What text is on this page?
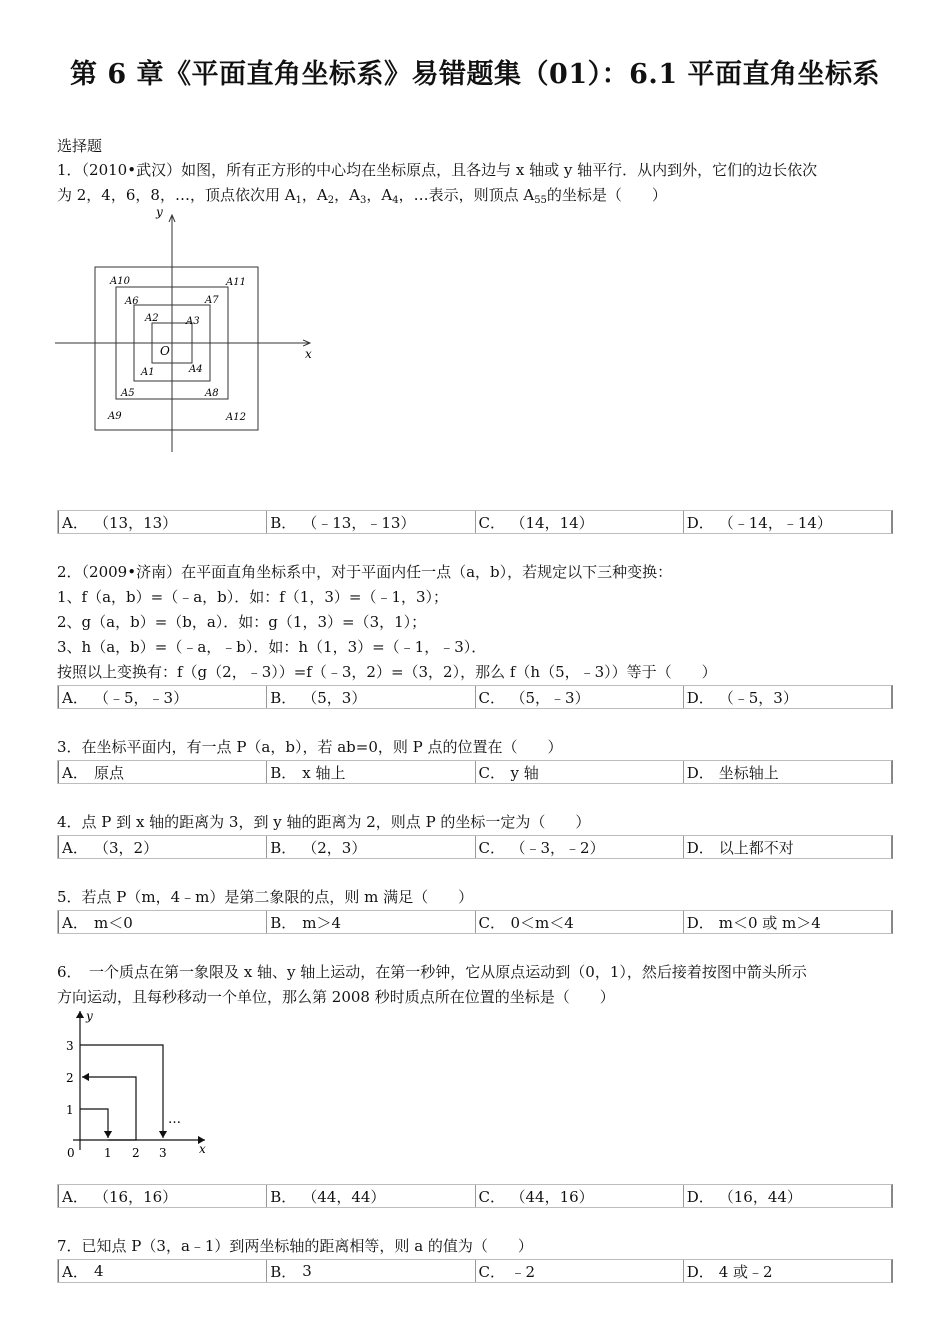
第 6 章《平面直角坐标系》易错题集（01）：6.1 平面直角坐标系
选择题

1．（2010•武汉）如图，所有正方形的中心均在坐标原点，且各边与 x 轴或 y 轴平行．从内到外，它们的边长依次

为 2，4，6，8，…，顶点依次用 $A_1$，$A_2$，$A_3$，$A_4$，…表示，则顶点 $A_{55}$的坐标是（　　）

O	x
y
A1
A2	A3
A4
A5
A6	A7
A8
A9
A10	A11
A12
A． （13，13）	B． （﹣13，﹣13）	C． （14，14）	D． （﹣14，﹣14）

2．（2009•济南）在平面直角坐标系中，对于平面内任一点（a，b），若规定以下三种变换：

1、f（a，b）=（﹣a，b）．如：f（1，3）=（﹣1，3）；

2、g（a，b）=（b，a）．如：g（1，3）=（3，1）；

3、h（a，b）=（﹣a，﹣b）．如：h（1，3）=（﹣1，﹣3）．

按照以上变换有：f（g（2，﹣3））=f（﹣3，2）=（3，2），那么 f（h（5，﹣3））等于（　　）

A． （﹣5，﹣3）	B． （5，3）	C． （5，﹣3）	D． （﹣5，3）

3．在坐标平面内，有一点 P（a，b），若 ab=0，则 P 点的位置在（　　）

A． 原点	B． x 轴上	C． y 轴	D． 坐标轴上

4．点 P 到 x 轴的距离为 3，到 y 轴的距离为 2，则点 P 的坐标一定为（　　）

A． （3，2）	B． （2，3）	C． （﹣3，﹣2）	D． 以上都不对

5．若点 P（m，4﹣m）是第二象限的点，则 m 满足（　　）

A． m＜0	B． m＞4	C． 0＜m＜4	D． m＜0 或 m＞4

6．　一个质点在第一象限及 x 轴、y 轴上运动，在第一秒钟，它从原点运动到（0，1），然后接着按图中箭头所示

方向运动，且每秒移动一个单位，那么第 2008 秒时质点所在位置的坐标是（　　）

…
x
y
0 1 2 3
1
2
3
A． （16，16）	B． （44，44）	C． （44，16）	D． （16，44）

7．已知点 P（3，a﹣1）到两坐标轴的距离相等，则 a 的值为（　　）

A． 4	B． 3	C． ﹣2	D． 4 或﹣2
